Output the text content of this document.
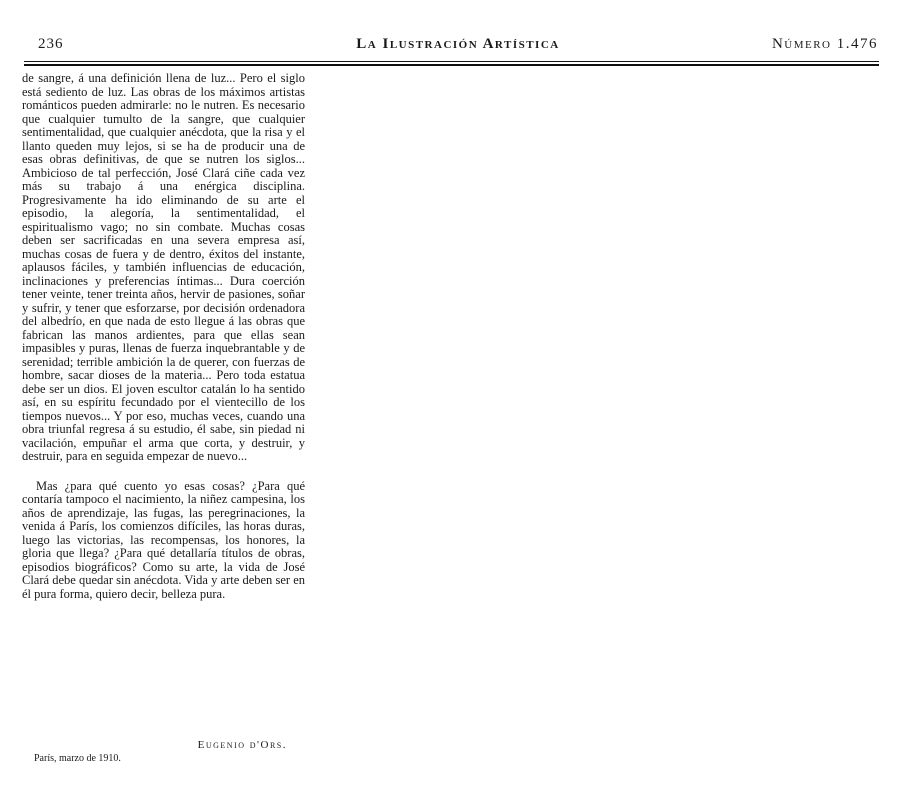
236	La Ilustración Artística	Número 1.476

de sangre, á una definición llena de luz... Pero el siglo está sediento de luz. Las obras de los máximos artistas románticos pueden admirarle: no le nutren. Es necesario que cualquier tumulto de la sangre, que cualquier sentimentalidad, que cualquier anécdota, que la risa y el llanto queden muy lejos, si se ha de producir una de esas obras definitivas, de que se nutren los siglos... Ambicioso de tal perfección, José Clará ciñe cada vez más su trabajo á una enérgica disciplina. Progresivamente ha ido eliminando de su arte el episodio, la alegoría, la sentimentalidad, el espiritualismo vago; no sin combate. Muchas cosas deben ser sacrificadas en una severa empresa así, muchas cosas de fuera y de dentro, éxitos del instante, aplausos fáciles, y también influencias de educación, inclinaciones y preferencias íntimas... Dura coerción tener veinte, tener treinta años, hervir de pasiones, soñar y sufrir, y tener que esforzarse, por decisión ordenadora del albedrío, en que nada de esto llegue á las obras que fabrican las manos ardientes, para que ellas sean impasibles y puras, llenas de fuerza inquebrantable y de serenidad; terrible ambición la de querer, con fuerzas de hombre, sacar dioses de la materia... Pero toda estatua debe ser un dios. El joven escultor catalán lo ha sentido así, en su espíritu fecundado por el vientecillo de los tiempos nuevos... Y por eso, muchas veces, cuando una obra triunfal regresa á su estudio, él sabe, sin piedad ni vacilación, empuñar el arma que corta, y destruir, y destruir, para en seguida empezar de nuevo...

Mas ¿para qué cuento yo esas cosas? ¿Para qué contaría tampoco el nacimiento, la niñez campesina, los años de aprendizaje, las fugas, las peregrinaciones, la venida á París, los comienzos difíciles, las horas duras, luego las victorias, las recompensas, los honores, la gloria que llega? ¿Para qué detallaría títulos de obras, episodios biográficos? Como su arte, la vida de José Clará debe quedar sin anécdota. Vida y arte deben ser en él pura forma, quiero decir, belleza pura.

Eugenio d'Ors.
París, marzo de 1910.
